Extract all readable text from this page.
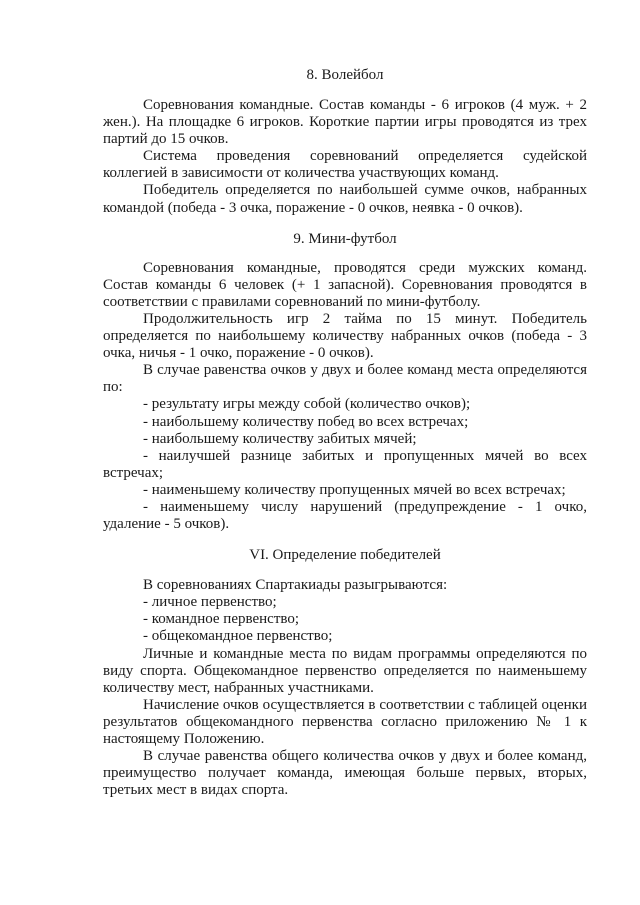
8. Волейбол

Соревнования командные. Состав команды - 6 игроков (4 муж. + 2 жен.). На площадке 6 игроков. Короткие партии игры проводятся из трех партий до 15 очков.

Система проведения соревнований определяется судейской коллегией в зависимости от количества участвующих команд.

Победитель определяется по наибольшей сумме очков, набранных командой (победа - 3 очка, поражение - 0 очков, неявка - 0 очков).

9. Мини-футбол

Соревнования командные, проводятся среди мужских команд. Состав команды 6 человек (+ 1 запасной). Соревнования проводятся в соответствии с правилами соревнований по мини-футболу.

Продолжительность игр 2 тайма по 15 минут. Победитель определяется по наибольшему количеству набранных очков (победа - 3 очка, ничья - 1 очко, поражение - 0 очков).

В случае равенства очков у двух и более команд места определяются по:

- результату игры между собой (количество очков);

- наибольшему количеству побед во всех встречах;

- наибольшему количеству забитых мячей;

- наилучшей разнице забитых и пропущенных мячей во всех встречах;

- наименьшему количеству пропущенных мячей во всех встречах;

- наименьшему числу нарушений (предупреждение - 1 очко, удаление - 5 очков).

VI. Определение победителей

В соревнованиях Спартакиады разыгрываются:

- личное первенство;

- командное первенство;

- общекомандное первенство;

Личные и командные места по видам программы определяются по виду спорта. Общекомандное первенство определяется по наименьшему количеству мест, набранных участниками.

Начисление очков осуществляется в соответствии с таблицей оценки результатов общекомандного первенства согласно приложению № 1 к настоящему Положению.

В случае равенства общего количества очков у двух и более команд, преимущество получает команда, имеющая больше первых, вторых, третьих мест в видах спорта.
